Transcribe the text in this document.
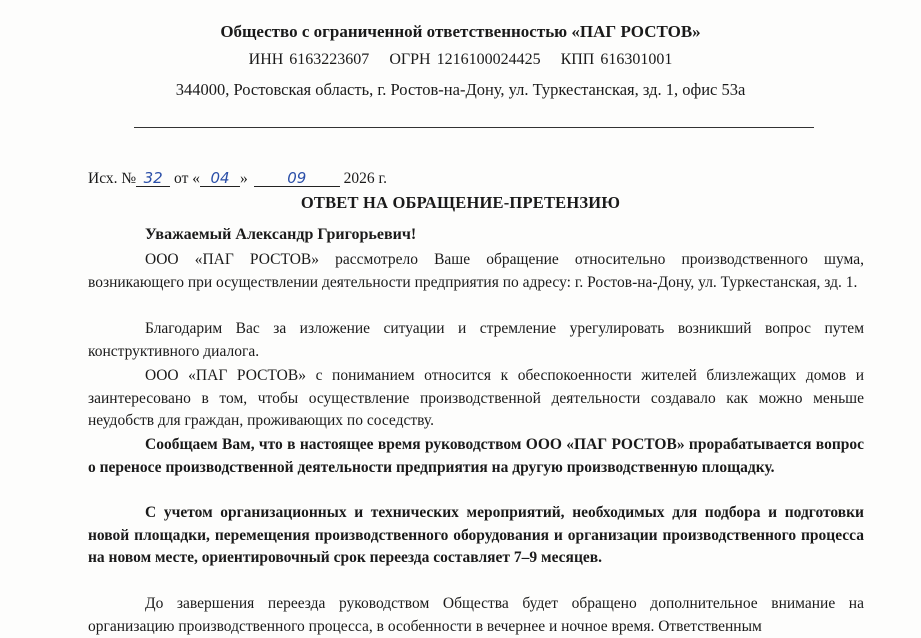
Общество с ограниченной ответственностью «ПАГ РОСТОВ»
ИНН 6163223607 ОГРН 1216100024425 КПП 616301001
344000, Ростовская область, г. Ростов-на-Дону, ул. Туркестанская, зд. 1, офис 53а
Исх. № 32 от « 04 »	09 2026 г.
ОТВЕТ НА ОБРАЩЕНИЕ-ПРЕТЕНЗИЮ
Уважаемый Александр Григорьевич!
ООО «ПАГ РОСТОВ» рассмотрело Ваше обращение относительно производственного шума, возникающего при осуществлении деятельности предприятия по адресу: г. Ростов-на-Дону, ул. Туркестанская, зд. 1.
Благодарим Вас за изложение ситуации и стремление урегулировать возникший вопрос путем конструктивного диалога.
ООО «ПАГ РОСТОВ» с пониманием относится к обеспокоенности жителей близлежащих домов и заинтересовано в том, чтобы осуществление производственной деятельности создавало как можно меньше неудобств для граждан, проживающих по соседству.
Сообщаем Вам, что в настоящее время руководством ООО «ПАГ РОСТОВ» прорабатывается вопрос о переносе производственной деятельности предприятия на другую производственную площадку.
С учетом организационных и технических мероприятий, необходимых для подбора и подготовки новой площадки, перемещения производственного оборудования и организации производственного процесса на новом месте, ориентировочный срок переезда составляет 7–9 месяцев.
До завершения переезда руководством Общества будет обращено дополнительное внимание на организацию производственного процесса, в особенности в вечернее и ночное время. Ответственным
